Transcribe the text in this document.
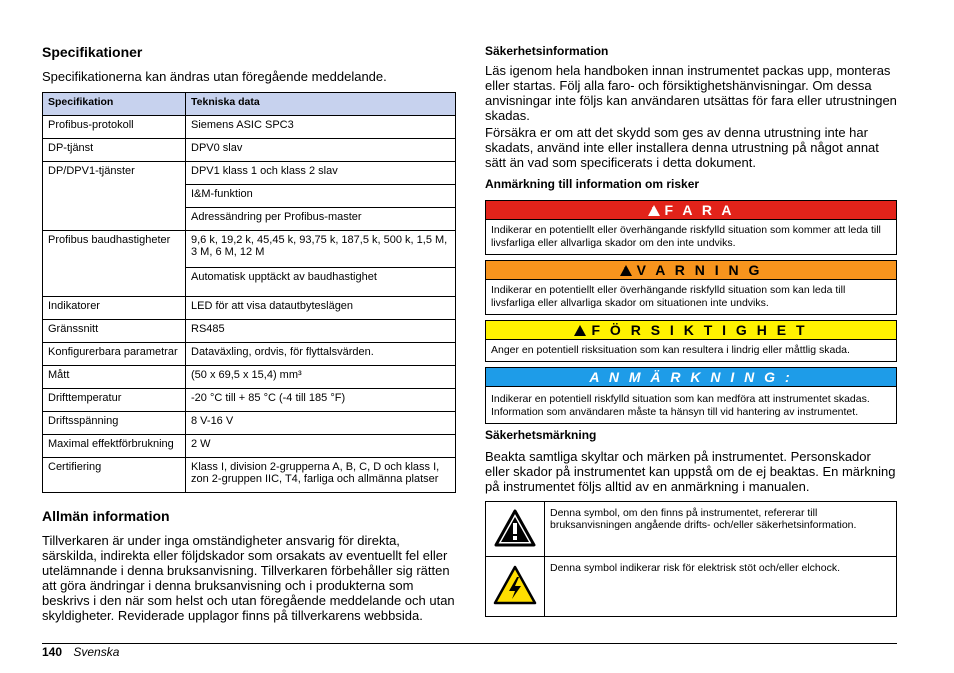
Specifikationer
Specifikationerna kan ändras utan föregående meddelande.
Specifikation	Tekniska data
Profibus-protokoll	Siemens ASIC SPC3
DP-tjänst	DPV0 slav
DP/DPV1-tjänster	DPV1 klass 1 och klass 2 slav
	I&M-funktion
	Adressändring per Profibus-master
Profibus baudhastigheter	9,6 k, 19,2 k, 45,45 k, 93,75 k, 187,5 k, 500 k, 1,5 M, 3 M, 6 M, 12 M
	Automatisk upptäckt av baudhastighet
Indikatorer	LED för att visa datautbyteslägen
Gränssnitt	RS485
Konfigurerbara parametrar	Dataväxling, ordvis, för flyttalsvärden.
Mått	(50 x 69,5 x 15,4) mm³
Drifttemperatur	-20 °C till + 85 °C (-4 till 185 °F)
Driftsspänning	8 V-16 V
Maximal effektförbrukning	2 W
Certifiering	Klass I, division 2-grupperna A, B, C, D och klass I, zon 2-gruppen IIC, T4, farliga och allmänna platser
Allmän information
Tillverkaren är under inga omständigheter ansvarig för direkta, särskilda, indirekta eller följdskador som orsakats av eventuellt fel eller utelämnande i denna bruksanvisning. Tillverkaren förbehåller sig rätten att göra ändringar i denna bruksanvisning och i produkterna som beskrivs i den när som helst och utan föregående meddelande och utan skyldigheter. Reviderade upplagor finns på tillverkarens webbsida.
Säkerhetsinformation
Läs igenom hela handboken innan instrumentet packas upp, monteras eller startas. Följ alla faro- och försiktighetshänvisningar. Om dessa anvisningar inte följs kan användaren utsättas för fara eller utrustningen skadas.
Försäkra er om att det skydd som ges av denna utrustning inte har skadats, använd inte eller installera denna utrustning på något annat sätt än vad som specificerats i detta dokument.
Anmärkning till information om risker
!
F A R A
Indikerar en potentiellt eller överhängande riskfylld situation som kommer att leda till livsfarliga eller allvarliga skador om den inte undviks.
!
V A R N I N G
Indikerar en potentiellt eller överhängande riskfylld situation som kan leda till livsfarliga eller allvarliga skador om situationen inte undviks.
!
F Ö R S I K T I G H E T
Anger en potentiell risksituation som kan resultera i lindrig eller måttlig skada.
A N M Ä R K N I N G :
Indikerar en potentiell riskfylld situation som kan medföra att instrumentet skadas. Information som användaren måste ta hänsyn till vid hantering av instrumentet.
Säkerhetsmärkning
Beakta samtliga skyltar och märken på instrumentet. Personskador eller skador på instrumentet kan uppstå om de ej beaktas. En märkning på instrumentet följs alltid av en anmärkning i manualen.
	Denna symbol, om den finns på instrumentet, refererar till bruksanvisningen angående drifts- och/eller säkerhetsinformation.
	Denna symbol indikerar risk för elektrisk stöt och/eller elchock.
140 Svenska
